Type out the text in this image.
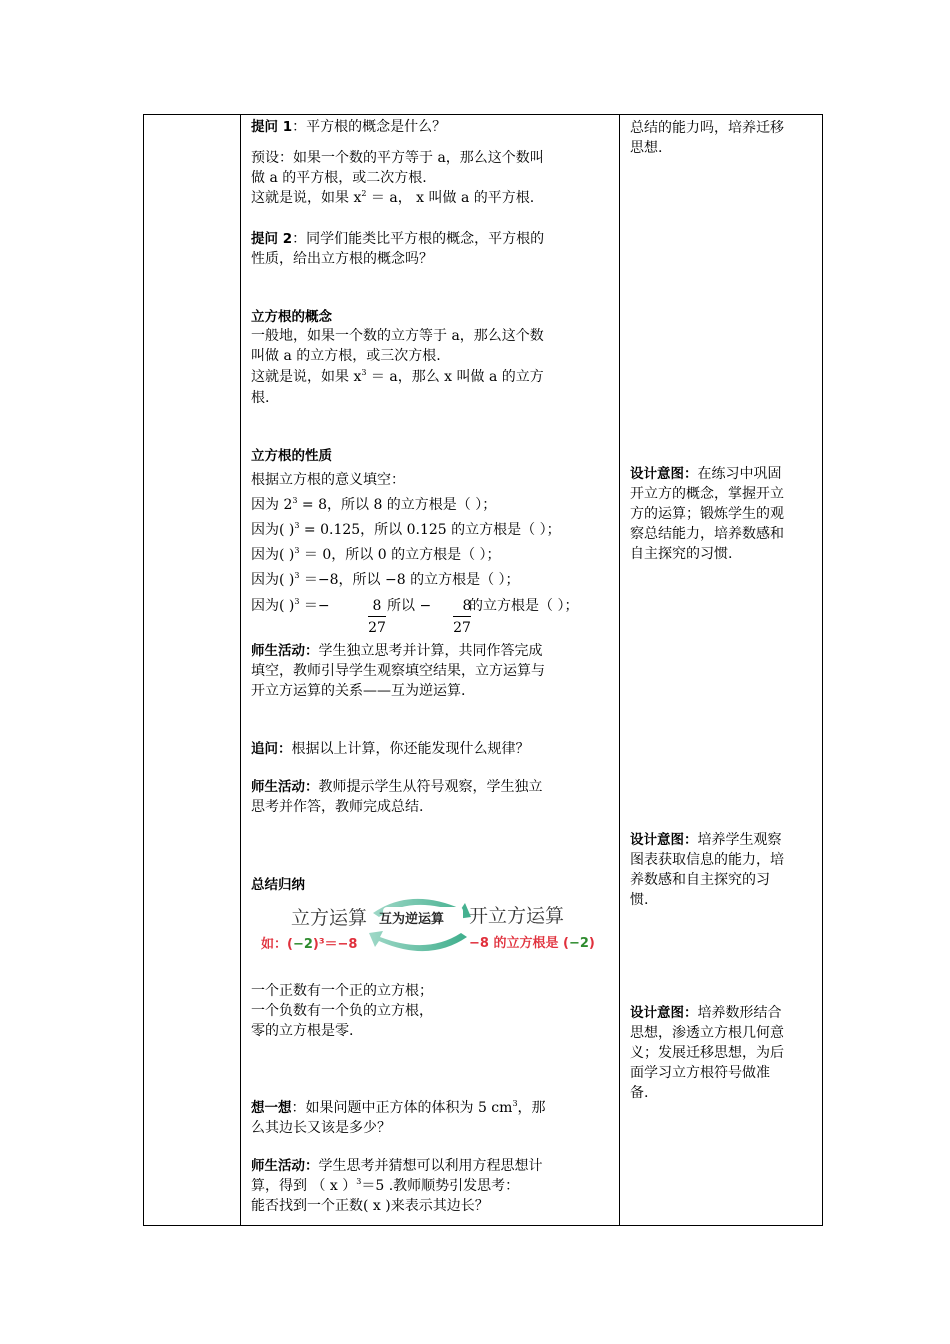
提问 1：平方根的概念是什么？

预设：如果一个数的平方等于 a，那么这个数叫

做 a 的平方根，或二次方根.

这就是说，如果 $x^2 = a$， x 叫做 a 的平方根.

提问 2：同学们能类比平方根的概念，平方根的

性质，给出立方根的概念吗？

立方根的概念

一般地，如果一个数的立方等于 a，那么这个数

叫做 a 的立方根，或三次方根.

这就是说，如果 $x^3 = a$，那么 x 叫做 a 的立方

根.

立方根的性质

根据立方根的意义填空：

因为 $2^3 = 8$，所以 8 的立方根是（ ）；

因为( )$^3$ = 0.125，所以 0.125 的立方根是（ ）；

因为( )$^3$ ＝ 0，所以 0 的立方根是（ ）；

因为( )$^3$ ＝−8，所以 −8 的立方根是（ ）；

因为( )$^3$ ＝−	8
27

所以 −	8
27

的立方根是（ ）；

师生活动：学生独立思考并计算，共同作答完成

填空，教师引导学生观察填空结果，立方运算与

开立方运算的关系——互为逆运算.

追问：根据以上计算，你还能发现什么规律？

师生活动：教师提示学生从符号观察，学生独立

思考并作答，教师完成总结.

总结归纳

立方运算 互为逆运算 开立方运算
如：(−2)³＝−8	−8 的立方根是 (−2)

一个正数有一个正的立方根；

一个负数有一个负的立方根，

零的立方根是零.

想一想：如果问题中正方体的体积为 5 $cm^3$，那

么其边长又该是多少？

师生活动：学生思考并猜想可以利用方程思想计

算，得到 （ x ）$^3$＝5 .教师顺势引发思考：

能否找到一个正数( x )来表示其边长？

总结的能力吗，培养迁移

思想.

设计意图：在练习中巩固

开立方的概念，掌握开立

方的运算；锻炼学生的观

察总结能力，培养数感和

自主探究的习惯.

设计意图：培养学生观察

图表获取信息的能力，培

养数感和自主探究的习

惯.

设计意图：培养数形结合

思想，渗透立方根几何意

义；发展迁移思想，为后

面学习立方根符号做准

备.
